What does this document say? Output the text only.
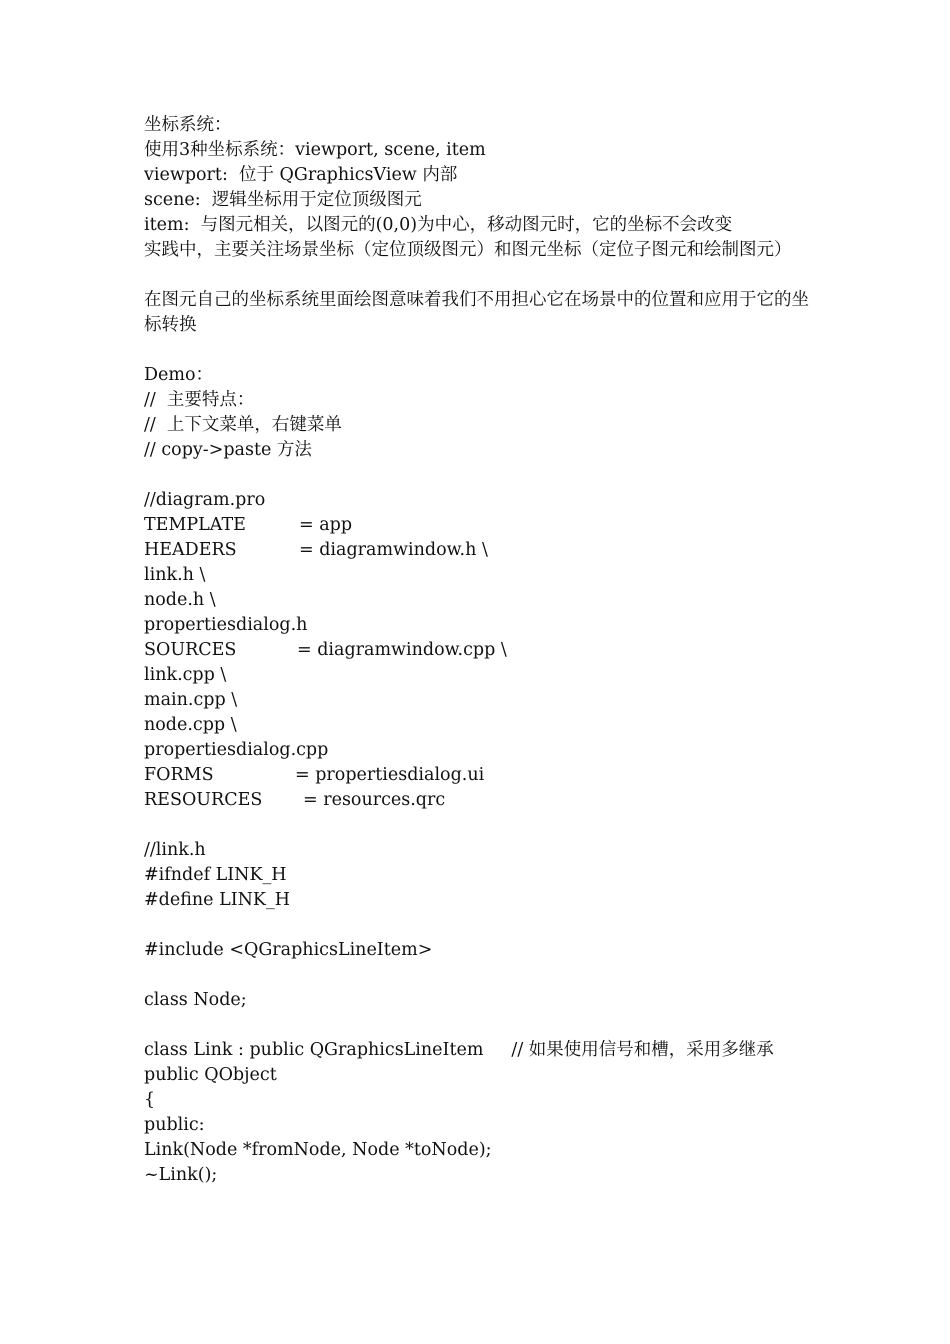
坐标系统：
使用3种坐标系统：viewport, scene, item
viewport:  位于 QGraphicsView 内部
scene:  逻辑坐标用于定位顶级图元
item:  与图元相关，以图元的(0,0)为中心，移动图元时，它的坐标不会改变
实践中，主要关注场景坐标（定位顶级图元）和图元坐标（定位子图元和绘制图元）
在图元自己的坐标系统里面绘图意味着我们不用担心它在场景中的位置和应用于它的坐标转换
Demo：
//  主要特点：
//  上下文菜单，右键菜单
// copy->paste 方法
//diagram.pro
TEMPLATE	= app
HEADERS	= diagramwindow.h \
link.h \
node.h \
propertiesdialog.h
SOURCES	= diagramwindow.cpp \
link.cpp \
main.cpp \
node.cpp \
propertiesdialog.cpp
FORMS	= propertiesdialog.ui
RESOURCES	= resources.qrc
//link.h
#ifndef LINK_H
#define LINK_H
#include <QGraphicsLineItem>
class Node;
class Link : public QGraphicsLineItem // 如果使用信号和槽，采用多继承 public QObject
{
public:
Link(Node *fromNode, Node *toNode);
~Link();
